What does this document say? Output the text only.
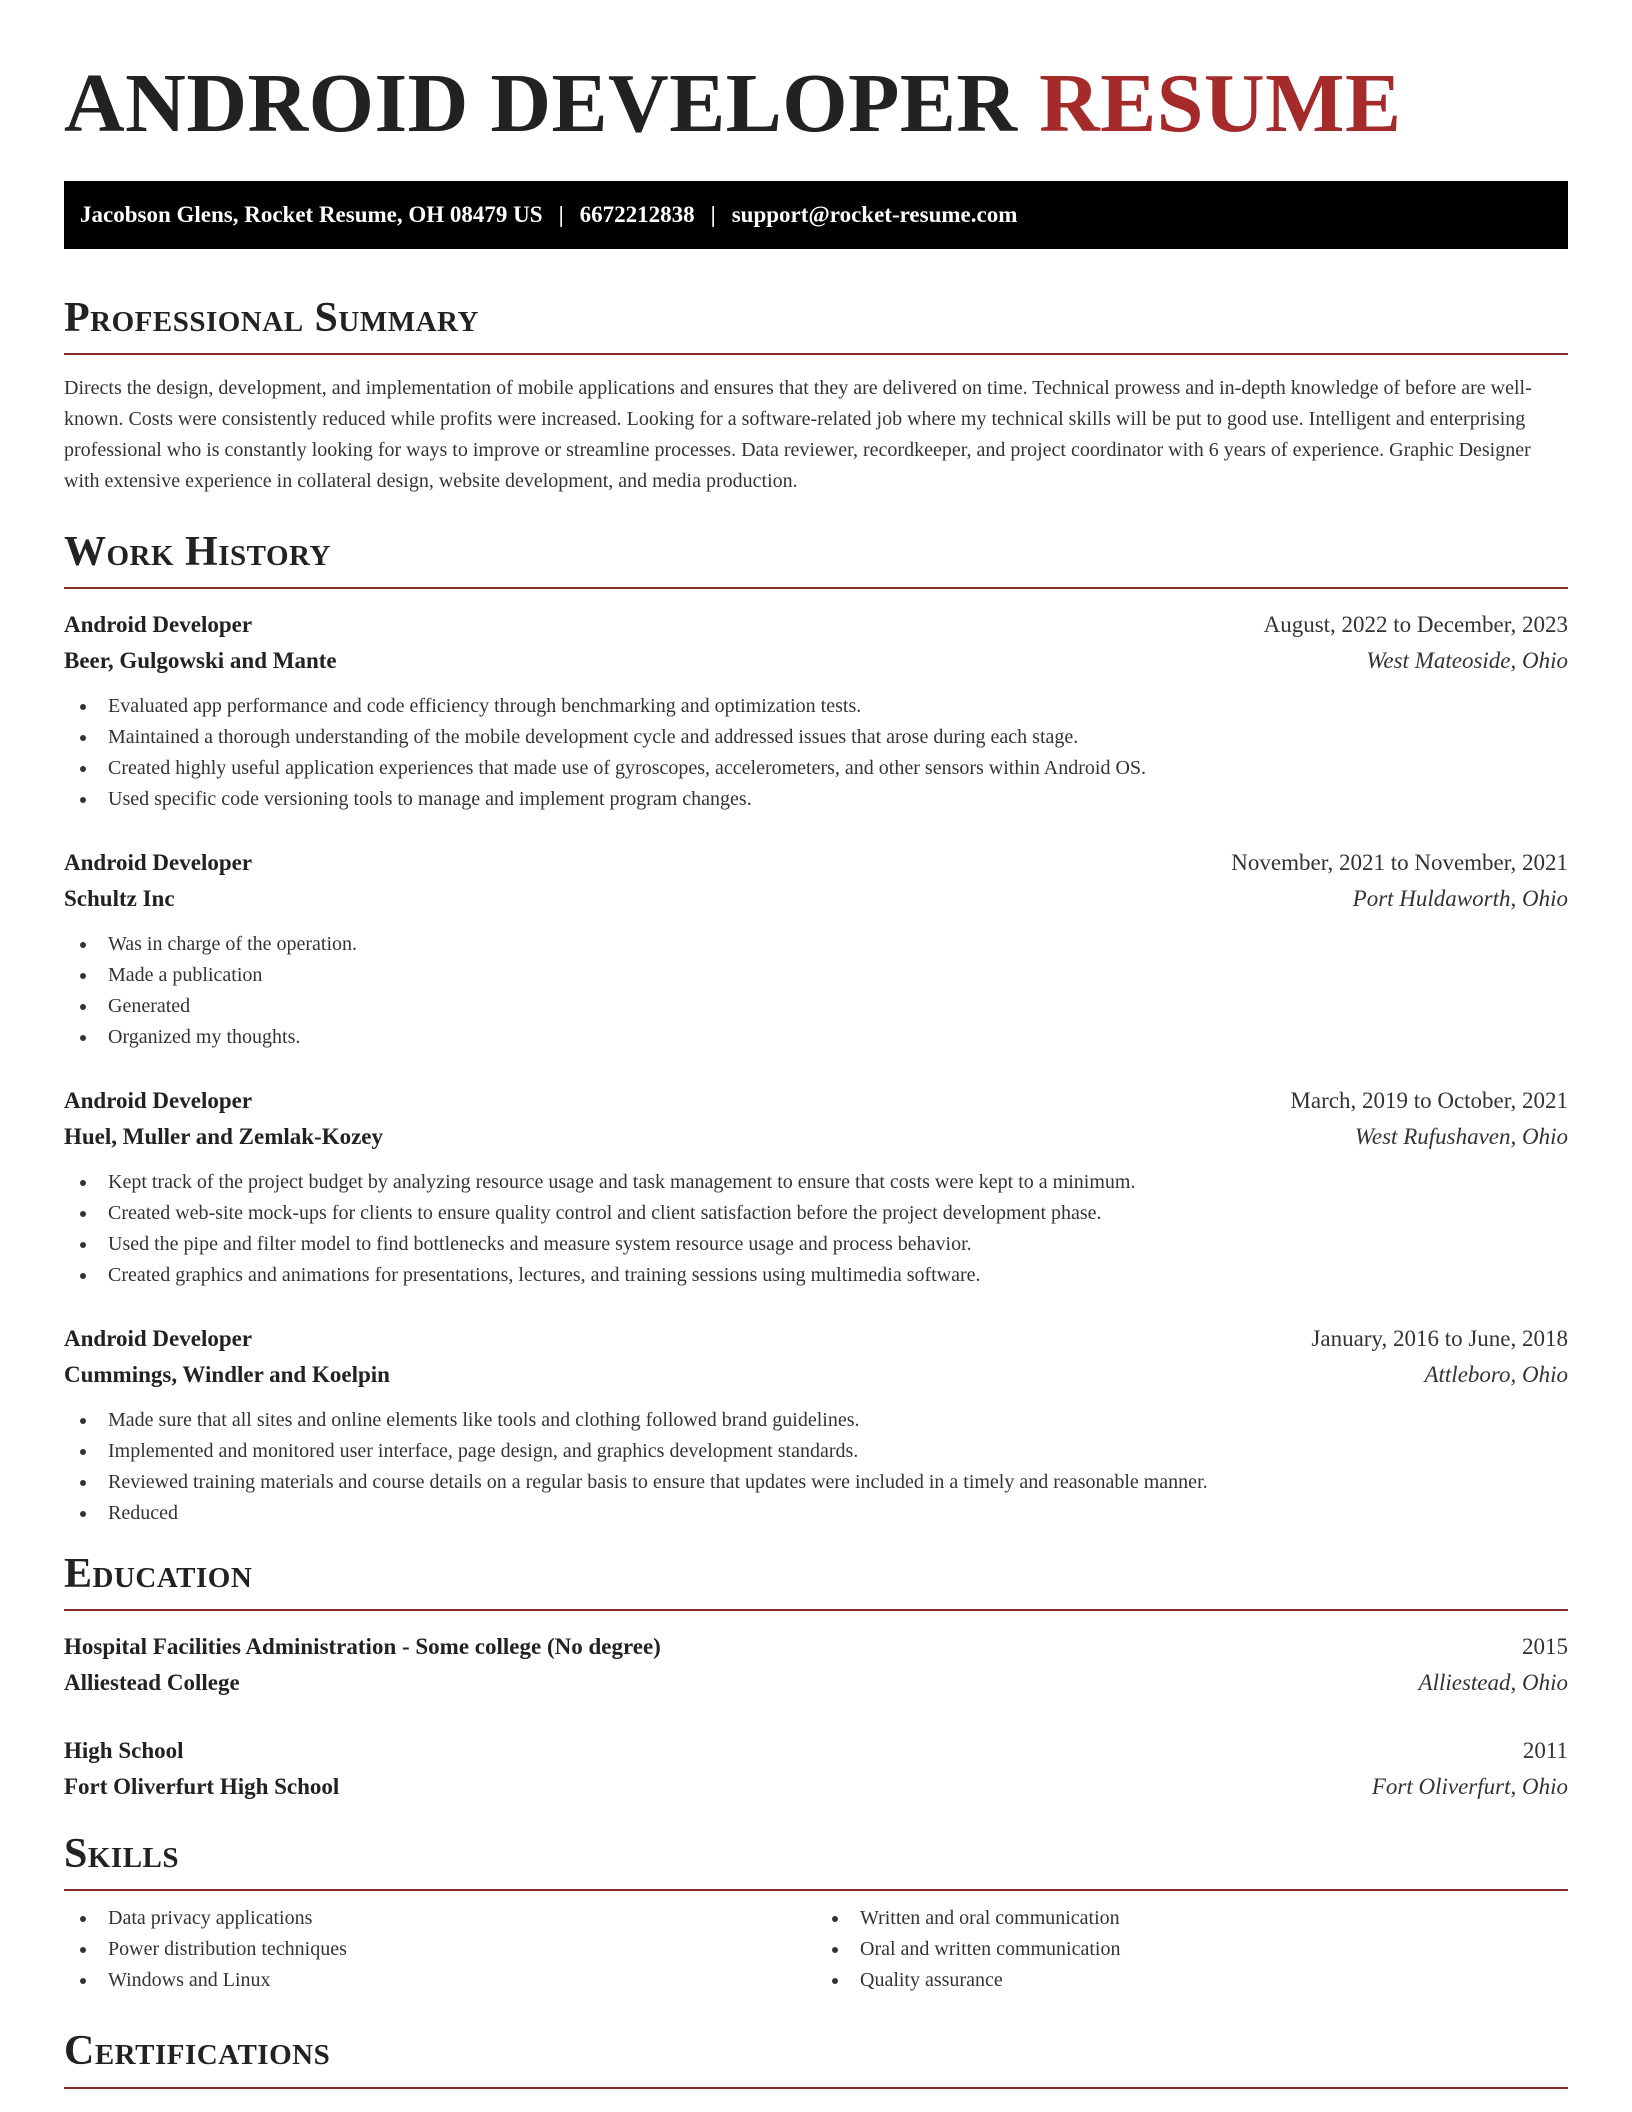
ANDROID DEVELOPER RESUME
Jacobson Glens, Rocket Resume, OH 08479 US | 6672212838 | support@rocket-resume.com
Professional Summary

Directs the design, development, and implementation of mobile applications and ensures that they are delivered on time. Technical prowess and in-depth knowledge of before are well-known. Costs were consistently reduced while profits were increased. Looking for a software-related job where my technical skills will be put to good use. Intelligent and enterprising professional who is constantly looking for ways to improve or streamline processes. Data reviewer, recordkeeper, and project coordinator with 6 years of experience. Graphic Designer with extensive experience in collateral design, website development, and media production.

Work History
Android Developer	August, 2022 to December, 2023
Beer, Gulgowski and Mante	West Mateoside, Ohio
Evaluated app performance and code efficiency through benchmarking and optimization tests.
Maintained a thorough understanding of the mobile development cycle and addressed issues that arose during each stage.
Created highly useful application experiences that made use of gyroscopes, accelerometers, and other sensors within Android OS.
Used specific code versioning tools to manage and implement program changes.
Android Developer	November, 2021 to November, 2021
Schultz Inc	Port Huldaworth, Ohio
Was in charge of the operation.
Made a publication
Generated
Organized my thoughts.
Android Developer	March, 2019 to October, 2021
Huel, Muller and Zemlak-Kozey	West Rufushaven, Ohio
Kept track of the project budget by analyzing resource usage and task management to ensure that costs were kept to a minimum.
Created web-site mock-ups for clients to ensure quality control and client satisfaction before the project development phase.
Used the pipe and filter model to find bottlenecks and measure system resource usage and process behavior.
Created graphics and animations for presentations, lectures, and training sessions using multimedia software.
Android Developer	January, 2016 to June, 2018
Cummings, Windler and Koelpin	Attleboro, Ohio
Made sure that all sites and online elements like tools and clothing followed brand guidelines.
Implemented and monitored user interface, page design, and graphics development standards.
Reviewed training materials and course details on a regular basis to ensure that updates were included in a timely and reasonable manner.
Reduced
Education
Hospital Facilities Administration - Some college (No degree)	2015
Alliestead College	Alliestead, Ohio
High School	2011
Fort Oliverfurt High School	Fort Oliverfurt, Ohio
Skills
Data privacy applications
Power distribution techniques
Windows and Linux
Written and oral communication
Oral and written communication
Quality assurance
Certifications
